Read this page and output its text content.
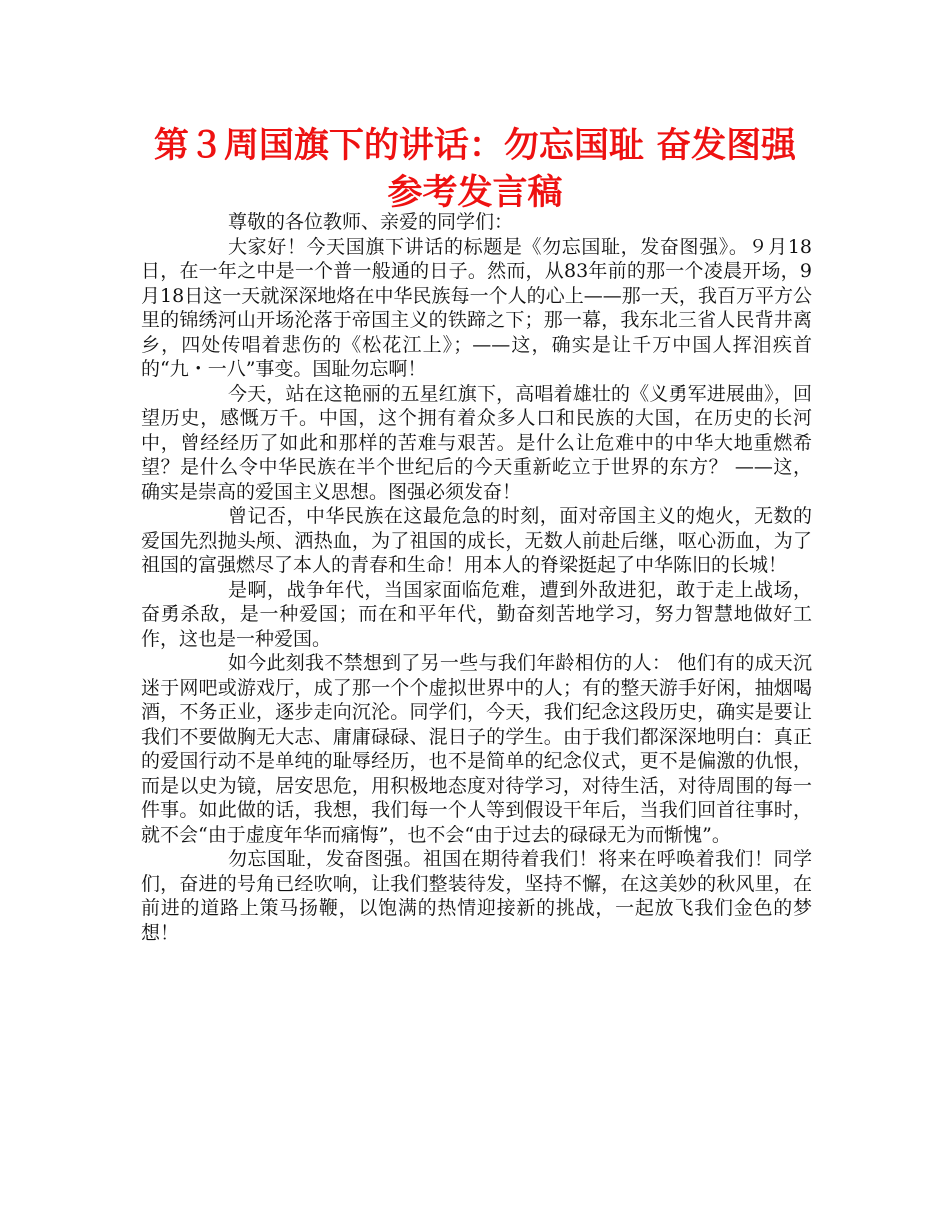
第３周国旗下的讲话：勿忘国耻 奋发图强
参考发言稿

尊敬的各位教师、亲爱的同学们：

大家好！今天国旗下讲话的标题是《勿忘国耻，发奋图强》。９月18日，在一年之中是一个普一般通的日子。然而，从83年前的那一个凌晨开场，9月18日这一天就深深地烙在中华民族每一个人的心上——那一天，我百万平方公里的锦绣河山开场沦落于帝国主义的铁蹄之下；那一幕，我东北三省人民背井离乡，四处传唱着悲伤的《松花江上》；——这，确实是让千万中国人挥泪疾首的“九・一八”事变。国耻勿忘啊！

今天，站在这艳丽的五星红旗下，高唱着雄壮的《义勇军进展曲》，回望历史，感慨万千。中国，这个拥有着众多人口和民族的大国，在历史的长河中，曾经经历了如此和那样的苦难与艰苦。是什么让危难中的中华大地重燃希望？是什么令中华民族在半个世纪后的今天重新屹立于世界的东方？ ——这，确实是崇高的爱国主义思想。图强必须发奋！

曾记否，中华民族在这最危急的时刻，面对帝国主义的炮火，无数的爱国先烈抛头颅、洒热血，为了祖国的成长，无数人前赴后继，呕心沥血，为了祖国的富强燃尽了本人的青春和生命！用本人的脊梁挺起了中华陈旧的长城！

是啊，战争年代，当国家面临危难，遭到外敌进犯，敢于走上战场，奋勇杀敌，是一种爱国；而在和平年代，勤奋刻苦地学习，努力智慧地做好工作，这也是一种爱国。

如今此刻我不禁想到了另一些与我们年龄相仿的人： 他们有的成天沉迷于网吧或游戏厅，成了那一个个虚拟世界中的人；有的整天游手好闲，抽烟喝酒，不务正业，逐步走向沉沦。同学们，今天，我们纪念这段历史，确实是要让我们不要做胸无大志、庸庸碌碌、混日子的学生。由于我们都深深地明白：真正的爱国行动不是单纯的耻辱经历，也不是简单的纪念仪式，更不是偏激的仇恨，而是以史为镜，居安思危，用积极地态度对待学习，对待生活，对待周围的每一件事。如此做的话，我想，我们每一个人等到假设干年后，当我们回首往事时，就不会“由于虚度年华而痛悔”，也不会“由于过去的碌碌无为而惭愧”。

勿忘国耻，发奋图强。祖国在期待着我们！将来在呼唤着我们！同学们，奋进的号角已经吹响，让我们整装待发，坚持不懈，在这美妙的秋风里，在前进的道路上策马扬鞭，以饱满的热情迎接新的挑战，一起放飞我们金色的梦想！
